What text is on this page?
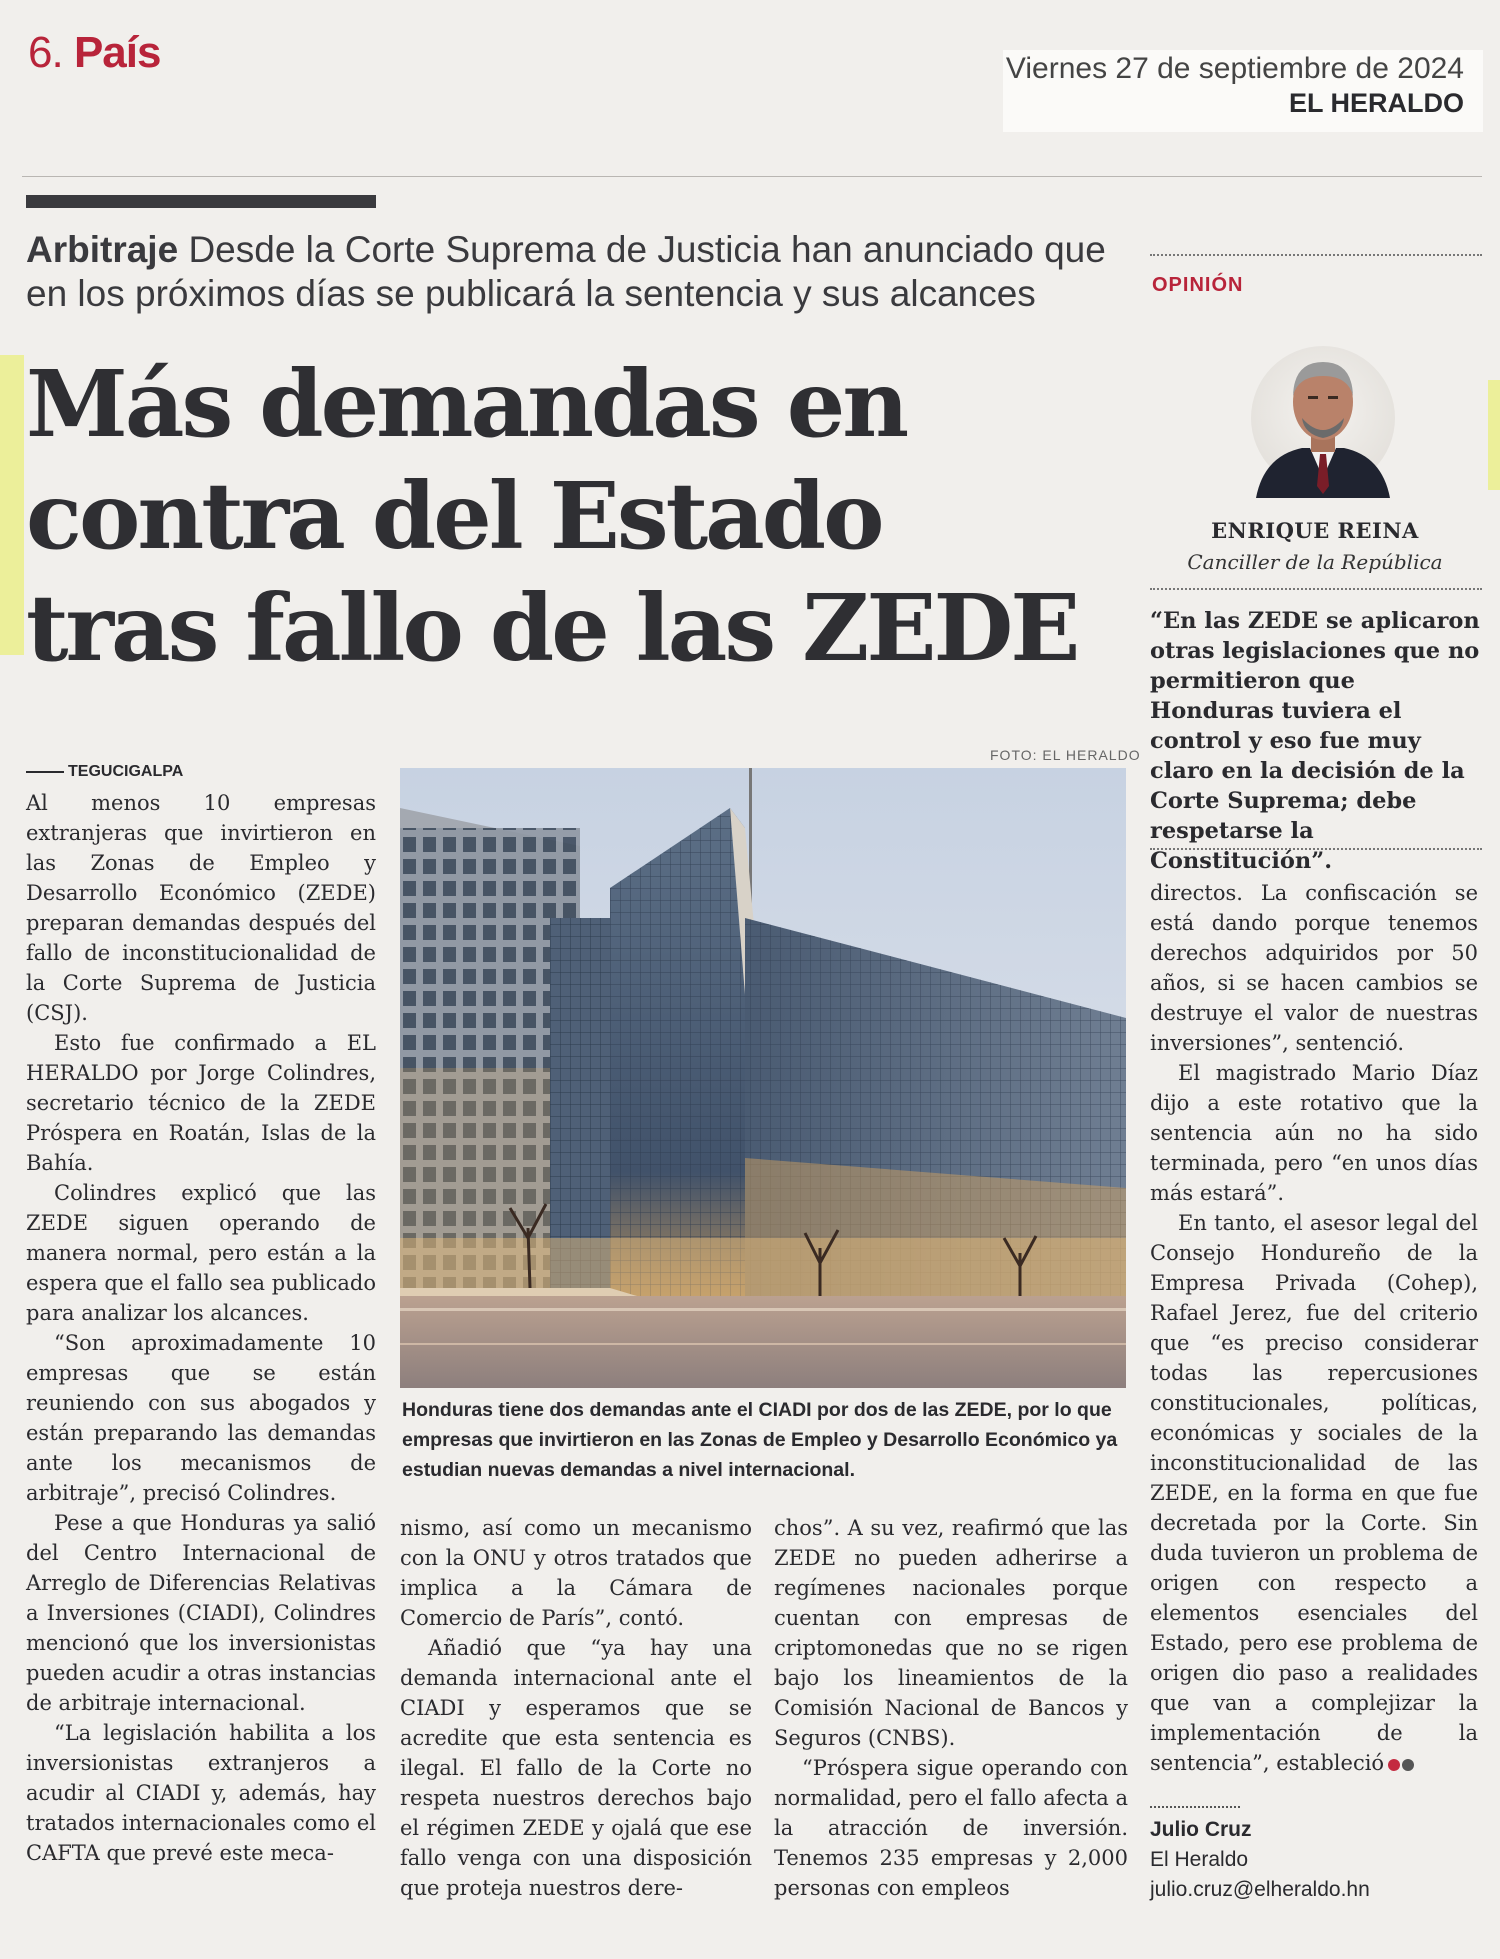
6. País	Viernes 27 de septiembre de 2024
EL HERALDO
Arbitraje Desde la Corte Suprema de Justicia han anunciado que en los próximos días se publicará la sentencia y sus alcances
Más demandas en
contra del Estado
tras fallo de las ZEDE
OPINIÓN
ENRIQUE REINA
Canciller de la República
“En las ZEDE se aplicaron otras legislaciones que no permitieron que Honduras tuviera el control y eso fue muy claro en la decisión de la Corte Suprema; debe respetarse la Constitución”.
FOTO: EL HERALDO
Honduras tiene dos demandas ante el CIADI por dos de las ZEDE, por lo que empresas que invirtieron en las Zonas de Empleo y Desarrollo Económico ya estudian nuevas demandas a nivel internacional.
TEGUCIGALPA

Al menos 10 empresas extranjeras que invirtieron en las Zonas de Empleo y Desarrollo Económico (ZEDE) preparan demandas después del fallo de inconstitucionalidad de la Corte Suprema de Justicia (CSJ).

Esto fue confirmado a EL HERALDO por Jorge Colindres, secretario técnico de la ZEDE Próspera en Roatán, Islas de la Bahía.

Colindres explicó que las ZEDE siguen operando de manera normal, pero están a la espera que el fallo sea publicado para analizar los alcances.

“Son aproximadamente 10 empresas que se están reuniendo con sus abogados y están preparando las demandas ante los mecanismos de arbitraje”, precisó Colindres.

Pese a que Honduras ya salió del Centro Internacional de Arreglo de Diferencias Relativas a Inversiones (CIADI), Colindres mencionó que los inversionistas pueden acudir a otras instancias de arbitraje internacional.

“La legislación habilita a los inversionistas extranjeros a acudir al CIADI y, además, hay tratados internacionales como el CAFTA que prevé este meca-

nismo, así como un mecanismo con la ONU y otros tratados que implica a la Cámara de Comercio de París”, contó.

Añadió que “ya hay una demanda internacional ante el CIADI y esperamos que se acredite que esta sentencia es ilegal. El fallo de la Corte no respeta nuestros derechos bajo el régimen ZEDE y ojalá que ese fallo venga con una disposición que proteja nuestros dere-

chos”. A su vez, reafirmó que las ZEDE no pueden adherirse a regímenes nacionales porque cuentan con empresas de criptomonedas que no se rigen bajo los lineamientos de la Comisión Nacional de Bancos y Seguros (CNBS).

“Próspera sigue operando con normalidad, pero el fallo afecta a la atracción de inversión. Tenemos 235 empresas y 2,000 personas con empleos

directos. La confiscación se está dando porque tenemos derechos adquiridos por 50 años, si se hacen cambios se destruye el valor de nuestras inversiones”, sentenció.

El magistrado Mario Díaz dijo a este rotativo que la sentencia aún no ha sido terminada, pero “en unos días más estará”.

En tanto, el asesor legal del Consejo Hondureño de la Empresa Privada (Cohep), Rafael Jerez, fue del criterio que “es preciso considerar todas las repercusiones constitucionales, políticas, económicas y sociales de la inconstitucionalidad de las ZEDE, en la forma en que fue decretada por la Corte. Sin duda tuvieron un problema de origen con respecto a elementos esenciales del Estado, pero ese problema de origen dio paso a realidades que van a complejizar la implementación de la sentencia”, estableció

Julio Cruz
El Heraldo
julio.cruz@elheraldo.hn
